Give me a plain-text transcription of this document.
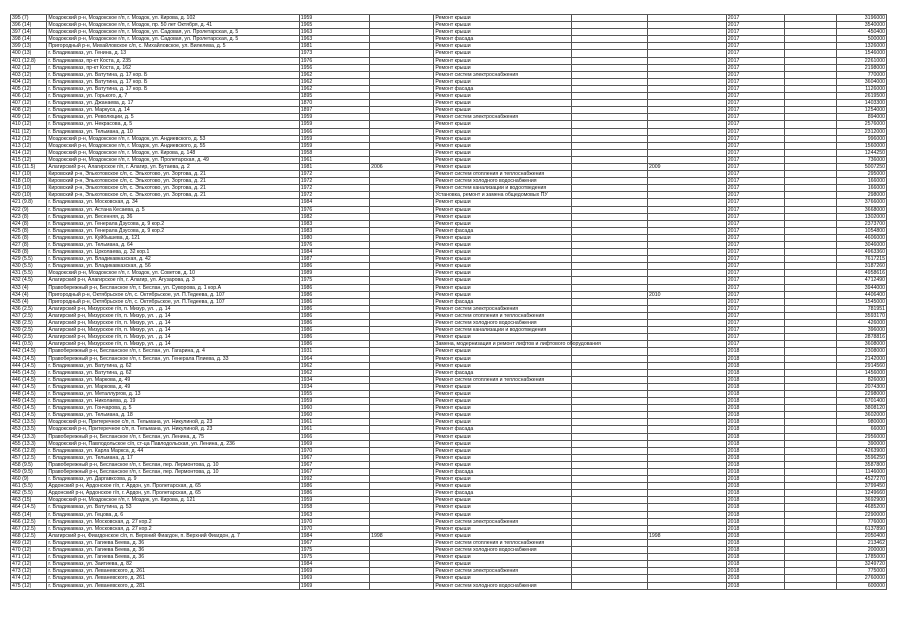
395 (7)	Моздокский р-н, Моздокское г/п, г. Моздок, ул. Кирова, д. 102	1959		Ремонт крыши			2017		3196000
396 (14)	Моздокский р-н, Моздокское г/п, г. Моздок, пр. 50 лет Октября, д. 41	1965		Ремонт крыши			2017		3540000
397 (14)	Моздокский р-н, Моздокское г/п, г. Моздок, ул. Садовая, ул. Пролетарская, д. 5	1963		Ремонт крыши			2017		450400
398 (14)	Моздокский р-н, Моздокское г/п, г. Моздок, ул. Садовая, ул. Пролетарская, д. 5	1963		Ремонт фасада			2017		500000
399 (13)	Пригородный р-н, Михайловское с/п, с. Михайловское, ул. Вилелева, д. 5	1981		Ремонт крыши			2017		1326000
400 (13)	г. Владикавказ, ул. Генина, д. 13	1973		Ремонт крыши			2017		1546000
401 (12.8)	г. Владикавказ, пр-кт Коста, д. 235	1976		Ремонт крыши			2017		2261000
402 (12)	г. Владикавказ, пр-кт Коста, д. 162	1956		Ремонт крыши			2017		2198000
403 (12)	г. Владикавказ, ул. Ватутина, д. 17 кор. Б	1962		Ремонт систем электроснабжения			2017		770000
404 (12)	г. Владикавказ, ул. Ватутина, д. 17 кор. Б	1962		Ремонт крыши			2017		3604000
405 (12)	г. Владикавказ, ул. Ватутина, д. 17 кор. Б	1962		Ремонт фасада			2017		1126000
406 (12)	г. Владикавказ, ул. Горького, д. 7	1895		Ремонт крыши			2017		2619500
407 (12)	г. Владикавказ, ул. Джанаева, д. 17	1870		Ремонт крыши			2017		1403300
408 (12)	г. Владикавказ, ул. Маркуса, д. 14	1897		Ремонт крыши			2017		1254000
409 (12)	г. Владикавказ, ул. Революции, д. 5	1959		Ремонт систем электроснабжения			2017		894000
410 (12)	г. Владикавказ, ул. Некрасова, д. 5	1959		Ремонт крыши			2017		2576000
411 (12)	г. Владикавказ, ул. Тельмана, д. 10	1966		Ремонт крыши			2017		2312000
412 (12)	Моздокский р-н, Моздокское г/п, г. Моздок, ул. Андиевского, д. 53	1959		Ремонт крыши			2017		996000
413 (12)	Моздокский р-н, Моздокское г/п, г. Моздок, ул. Андиевского, д. 55	1959		Ремонт крыши			2017		1560000
414 (12)	Моздокский р-н, Моздокское г/п, г. Моздок, ул. Кирова, д. 148	1958		Ремонт крыши			2017		1244250
415 (12)	Моздокский р-н, Моздокское г/п, г. Моздок, ул. Пролетарская, д. 49	1961		Ремонт крыши			2017		736000
416 (11.5)	Алагирский р-н, Алагирское г/п, г. Алагир, ул. Бутаева, д. 2	1981	2006	Ремонт крыши		2009	2017		5007250
417 (10)	Кировский р-н, Эльхотовское с/п, с. Эльхотово, ул. Зортова, д. 21	1972		Ремонт систем отопления и теплоснабжения			2017		295000
418 (10)	Кировский р-н, Эльхотовское с/п, с. Эльхотово, ул. Зортова, д. 21	1972		Ремонт систем холодного водоснабжения			2017		166000
419 (10)	Кировский р-н, Эльхотовское с/п, с. Эльхотово, ул. Зортова, д. 21	1972		Ремонт систем канализации и водоотведения			2017		166000
420 (10)	Кировский р-н, Эльхотовское с/п, с. Эльхотово, ул. Зортова, д. 21	1972		Установка, ремонт и замена общедомовых ПУ			2017		298000
421 (9.8)	г. Владикавказ, ул. Московская, д. 34	1984		Ремонт крыши			2017		3766000
422 (9)	г. Владикавказ, ул. Астана Кесаева, д. 5	1976		Ремонт крыши			2017		3668000
423 (8)	г. Владикавказ, ул. Весенняя, д. 36	1982		Ремонт крыши			2017		1302000
424 (8)	г. Владикавказ, ул. Генерала Дзусова, д. 9 кор.2	1983		Ремонт крыши			2017		2373700
425 (8)	г. Владикавказ, ул. Генерала Дзусова, д. 9 кор.2	1983		Ремонт фасада			2017		1054800
426 (8)	г. Владикавказ, ул. Куйбышева, д. 121	1980		Ремонт крыши			2017		4606000
427 (8)	г. Владикавказ, ул. Тельмана, д. 64	1976		Ремонт крыши			2017		3046000
428 (8)	г. Владикавказ, ул. Цоколаева, д. 32 кор.1	1984		Ремонт крыши			2017		4963360
429 (5.5)	г. Владикавказ, ул. Владикавказская, д. 42	1987		Ремонт крыши			2017		7617215
430 (5.5)	г. Владикавказ, ул. Владикавказская, д. 56	1986		Ремонт крыши			2017		3187260
431 (5.5)	Моздокский р-н, Моздокское г/п, г. Моздок, ул. Советов, д. 10	1989		Ремонт крыши			2017		4958616
432 (4.5)	Алагирский р-н, Алагирское г/п, г. Алагир, ул. Агузарова, д. 3	1975		Ремонт крыши			2017		4712490
433 (4)	Правобережный р-н, Бесланское г/п, г. Беслан, ул. Суворова, д. 1 кор.А	1986		Ремонт крыши			2017		3944000
434 (4)	Пригородный р-н, Октябрьское с/п, с. Октябрьское, ул. П.Тедеева, д. 107	1986		Ремонт крыши		2010	2017		4406400
435 (4)	Пригородный р-н, Октябрьское с/п, с. Октябрьское, ул. П.Тедеева, д. 107	1986		Ремонт фасада			2017		1545000
436 (2.5)	Алагирский р-н, Мизурское г/п, п. Мизур, ул. , д. 14	1986		Ремонт систем электроснабжения			2017		781951
437 (2.5)	Алагирский р-н, Мизурское г/п, п. Мизур, ул. , д. 14	1986		Ремонт систем отопления и теплоснабжения			2017		3593170
438 (2.5)	Алагирский р-н, Мизурское г/п, п. Мизур, ул. , д. 14	1986		Ремонт систем холодного водоснабжения			2017		426000
439 (2.5)	Алагирский р-н, Мизурское г/п, п. Мизур, ул. , д. 14	1986		Ремонт систем канализации и водоотведения			2017		396000
440 (2.5)	Алагирский р-н, Мизурское г/п, п. Мизур, ул. , д. 14	1986		Ремонт крыши			2017		2878816
441 (0.5)	Алагирский р-н, Мизурское г/п, п. Мизур, ул. , д. 14	1986		Замена, модернизация и ремонт лифтов и лифтового оборудования			2017		3608000
442 (14.5)	Правобережный р-н, Бесланское г/п, г. Беслан, ул. Гагарина, д. 4	1931		Ремонт крыши			2018		2308000
443 (14.5)	Правобережный р-н, Бесланское г/п, г. Беслан, ул. Генерала Плиева, д. 33	1964		Ремонт крыши			2018		2142000
444 (14.5)	г. Владикавказ, ул. Ватутина, д. 62	1962		Ремонт крыши			2018		2914560
445 (14.5)	г. Владикавказ, ул. Ватутина, д. 62	1962		Ремонт фасада			2018		1456000
446 (14.5)	г. Владикавказ, ул. Маркова, д. 49	1934		Ремонт систем отопления и теплоснабжения			2018		826000
447 (14.5)	г. Владикавказ, ул. Маркова, д. 49	1934		Ремонт крыши			2018		2074300
448 (14.5)	г. Владикавказ, ул. Металлургов, д. 13	1955		Ремонт крыши			2018		2298000
449 (14.5)	г. Владикавказ, ул. Николаева, д. 19	1959		Ремонт крыши			2018		6701400
450 (14.5)	г. Владикавказ, ул. Гончарова, д. 5	1960		Ремонт крыши			2018		3808120
451 (14.5)	г. Владикавказ, ул. Тельмана, д. 18	1960		Ремонт крыши			2018		3602000
452 (13.5)	Моздокский р-н, Притеречное с/п, п. Тельмана, ул. Никулиной, д. 23	1961		Ремонт крыши			2018		980000
453 (13.5)	Моздокский р-н, Притеречное с/п, п. Тельмана, ул. Никулиной, д. 23	1961		Ремонт фасада			2018		66000
454 (13.3)	Правобережный р-н, Бесланское г/п, г. Беслан, ул. Ленина, д. 75	1966		Ремонт крыши			2018		2956000
455 (13.3)	Моздокский р-н, Павлодольское с/п, ст-ца Павлодольская, ул. Ленина, д. 236	1969		Ремонт крыши			2018		390000
456 (12.8)	г. Владикавказ, ул. Карла Маркса, д. 44	1970		Ремонт крыши			2018		4263900
457 (12.5)	г. Владикавказ, ул. Тельмана, д. 17	1967		Ремонт крыши			2018		3596250
458 (9.5)	Правобережный р-н, Бесланское г/п, г. Беслан, пер. Лермонтова, д. 10	1967		Ремонт крыши			2018		3587800
459 (9.5)	Правобережный р-н, Бесланское г/п, г. Беслан, пер. Лермонтова, д. 10	1967		Ремонт фасада			2018		1146000
460 (9)	г. Владикавказ, ул. Даргавксова, д. 9	1992		Ремонт крыши			2018		4527270
461 (5.5)	Ардонский р-н, Ардонское г/п, г. Ардон, ул. Пролетарская, д. 65	1986		Ремонт крыши			2018		3799450
462 (5.5)	Ардонский р-н, Ардонское г/п, г. Ардон, ул. Пролетарская, д. 65	1986		Ремонт фасада			2018		1249660
463 (15)	Моздокский р-н, Моздокское г/п, г. Моздок, ул. Кирова, д. 121	1959		Ремонт крыши			2018		3692900
464 (14.5)	г. Владикавказ, ул. Ватутина, д. 53	1958		Ремонт крыши			2018		4685200
465 (14)	г. Владикавказ, ул. Гецова, д. 6	1963		Ремонт крыши			2018		2290000
466 (12.5)	г. Владикавказ, ул. Московская, д. 27 кор.2	1970		Ремонт систем электроснабжения			2018		776000
467 (12.5)	г. Владикавказ, ул. Московская, д. 27 кор.2	1970		Ремонт крыши			2018		6137890
468 (12.5)	Алагирский р-н, Фиагдонское с/п, п. Верхний Фиагдон, п. Верхний Фиагдон, д. 7	1984	1998	Ремонт крыши		1998	2018		2050400
469 (12)	г. Владикавказ, ул. Гагиева Беева, д. 36	1967		Ремонт систем отопления и теплоснабжения			2018		213462
470 (12)	г. Владикавказ, ул. Гагиева Беева, д. 36	1975		Ремонт систем холодного водоснабжения			2018		200000
471 (12)	г. Владикавказ, ул. Гагиева Беева, д. 36	1975		Ремонт крыши			2018		1785000
472 (12)	г. Владикавказ, ул. Заитиева, д. 82	1984		Ремонт крыши			2018		3249720
473 (12)	г. Владикавказ, ул. Леваневского, д. 261	1969		Ремонт систем электроснабжения			2018		775000
474 (12)	г. Владикавказ, ул. Леваневского, д. 261	1969		Ремонт крыши			2018		2760000
475 (12)	г. Владикавказ, ул. Леваневского, д. 281	1969		Ремонт систем холодного водоснабжения			2018		600000
